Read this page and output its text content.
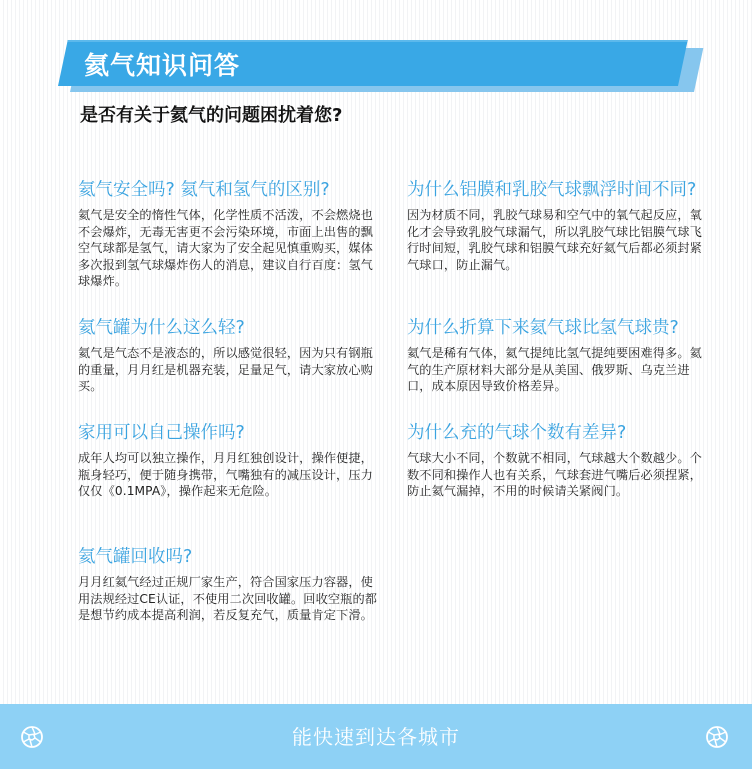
氦气知识问答
是否有关于氦气的问题困扰着您?
氦气安全吗? 氦气和氢气的区别?

氦气是安全的惰性气体，化学性质不活泼，不会燃烧也不会爆炸，无毒无害更不会污染环境，市面上出售的飘空气球都是氢气，请大家为了安全起见慎重购买，媒体多次报到氢气球爆炸伤人的消息，建议自行百度：氢气球爆炸。

氦气罐为什么这么轻?

氦气是气态不是液态的，所以感觉很轻，因为只有钢瓶的重量，月月红是机器充装，足量足气，请大家放心购买。

家用可以自己操作吗?

成年人均可以独立操作，月月红独创设计，操作便捷，瓶身轻巧，便于随身携带，气嘴独有的减压设计，压力仅仅《0.1MPA》，操作起来无危险。

氦气罐回收吗?

月月红氦气经过正规厂家生产，符合国家压力容器，使用法规经过CE认证，不使用二次回收罐。回收空瓶的都是想节约成本提高利润，若反复充气，质量肯定下滑。

为什么铝膜和乳胶气球飘浮时间不同?

因为材质不同，乳胶气球易和空气中的氧气起反应，氧化才会导致乳胶气球漏气，所以乳胶气球比铝膜气球飞行时间短，乳胶气球和铝膜气球充好氦气后都必须封紧气球口，防止漏气。

为什么折算下来氦气球比氢气球贵?

氦气是稀有气体，氦气提纯比氢气提纯要困难得多。氦气的生产原材料大部分是从美国、俄罗斯、乌克兰进口，成本原因导致价格差异。

为什么充的气球个数有差异?

气球大小不同，个数就不相同，气球越大个数越少。个数不同和操作人也有关系，气球套进气嘴后必须捏紧，防止氦气漏掉，不用的时候请关紧阀门。

能快速到达各城市
